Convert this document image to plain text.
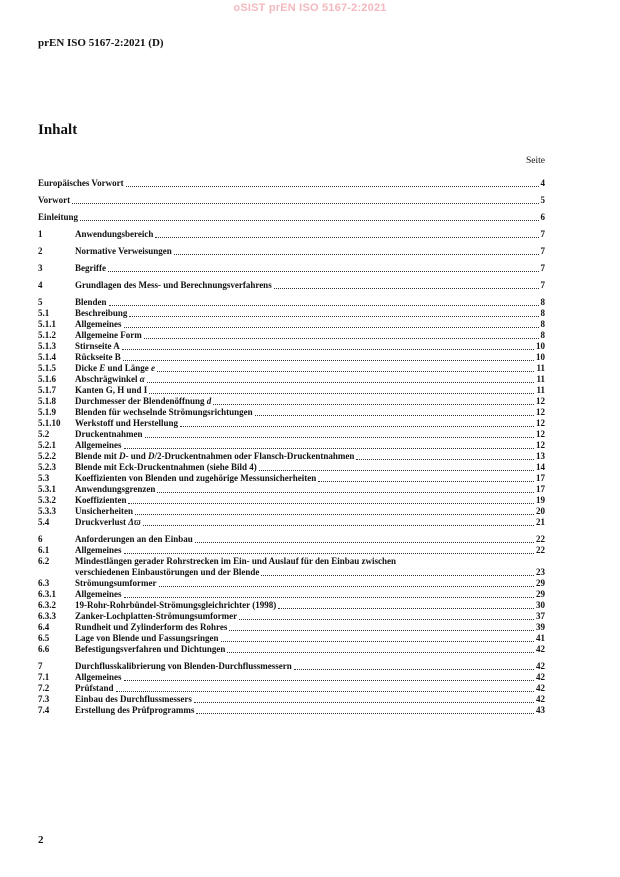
oSIST prEN ISO 5167-2:2021
prEN ISO 5167-2:2021 (D)
Inhalt
Seite
Europäisches Vorwort	4
Vorwort	5
Einleitung	6
1	Anwendungsbereich	7
2	Normative Verweisungen	7
3	Begriffe	7
4	Grundlagen des Mess- und Berechnungsverfahrens	7
5	Blenden	8
5.1	Beschreibung	8
5.1.1	Allgemeines	8
5.1.2	Allgemeine Form	8
5.1.3	Stirnseite A	10
5.1.4	Rückseite B	10
5.1.5	Dicke E und Länge e	11
5.1.6	Abschrägwinkel α	11
5.1.7	Kanten G, H und I	11
5.1.8	Durchmesser der Blendenöffnung d	12
5.1.9	Blenden für wechselnde Strömungsrichtungen	12
5.1.10	Werkstoff und Herstellung	12
5.2	Druckentnahmen	12
5.2.1	Allgemeines	12
5.2.2	Blende mit D- und D/2-Druckentnahmen oder Flansch-Druckentnahmen	13
5.2.3	Blende mit Eck-Druckentnahmen (siehe Bild 4)	14
5.3	Koeffizienten von Blenden und zugehörige Messunsicherheiten	17
5.3.1	Anwendungsgrenzen	17
5.3.2	Koeffizienten	19
5.3.3	Unsicherheiten	20
5.4	Druckverlust Δϖ	21
6	Anforderungen an den Einbau	22
6.1	Allgemeines	22
6.2	Mindestlängen gerader Rohrstrecken im Ein- und Auslauf für den Einbau zwischen
verschiedenen Einbaustörungen und der Blende	23
6.3	Strömungsumformer	29
6.3.1	Allgemeines	29
6.3.2	19-Rohr-Rohrbündel-Strömungsgleichrichter (1998)	30
6.3.3	Zanker-Lochplatten-Strömungsumformer	37
6.4	Rundheit und Zylinderform des Rohres	39
6.5	Lage von Blende und Fassungsringen	41
6.6	Befestigungsverfahren und Dichtungen	42
7	Durchflusskalibrierung von Blenden-Durchflussmessern	42
7.1	Allgemeines	42
7.2	Prüfstand	42
7.3	Einbau des Durchflussmessers	42
7.4	Erstellung des Prüfprogramms	43
2
